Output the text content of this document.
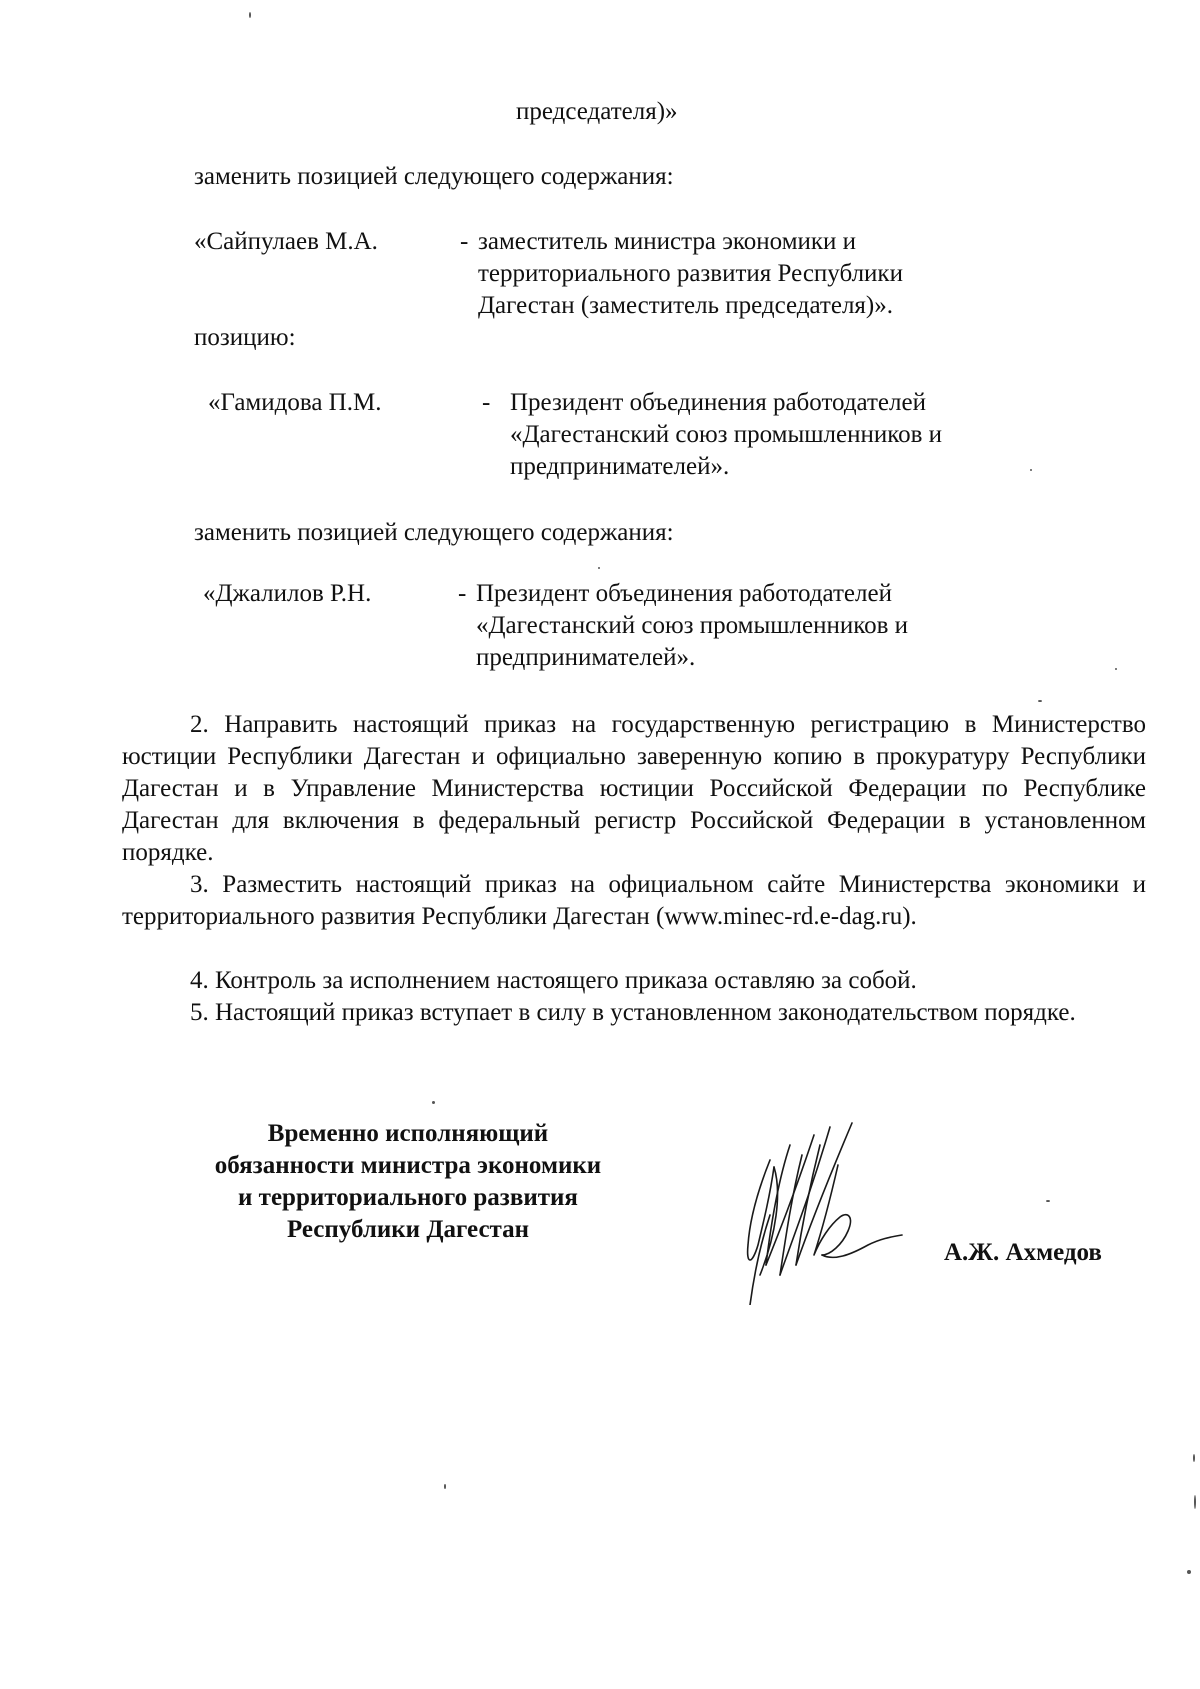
председателя)»
заменить позицией следующего содержания:
«Сайпулаев М.А.	- заместитель министра экономики и
территориального развития Республики
Дагестан (заместитель председателя)».
позицию:
«Гамидова П.М.	- Президент объединения работодателей
«Дагестанский союз промышленников и
предпринимателей».
заменить позицией следующего содержания:
«Джалилов Р.Н.	- Президент объединения работодателей
«Дагестанский союз промышленников и
предпринимателей».
2. Направить настоящий приказ на государственную регистрацию в Министерство юстиции Республики Дагестан и официально заверенную копию в прокуратуру Республики Дагестан и в Управление Министерства юстиции Российской Федерации по Республике Дагестан для включения в федеральный регистр Российской Федерации в установленном порядке.
3. Разместить настоящий приказ на официальном сайте Министерства экономики и территориального развития Республики Дагестан (www.minec-rd.e-dag.ru).
4. Контроль за исполнением настоящего приказа оставляю за собой.
5. Настоящий приказ вступает в силу в установленном законодательством порядке.
Временно исполняющий
обязанности министра экономики
и территориального развития
Республики Дагестан
А.Ж. Ахмедов
